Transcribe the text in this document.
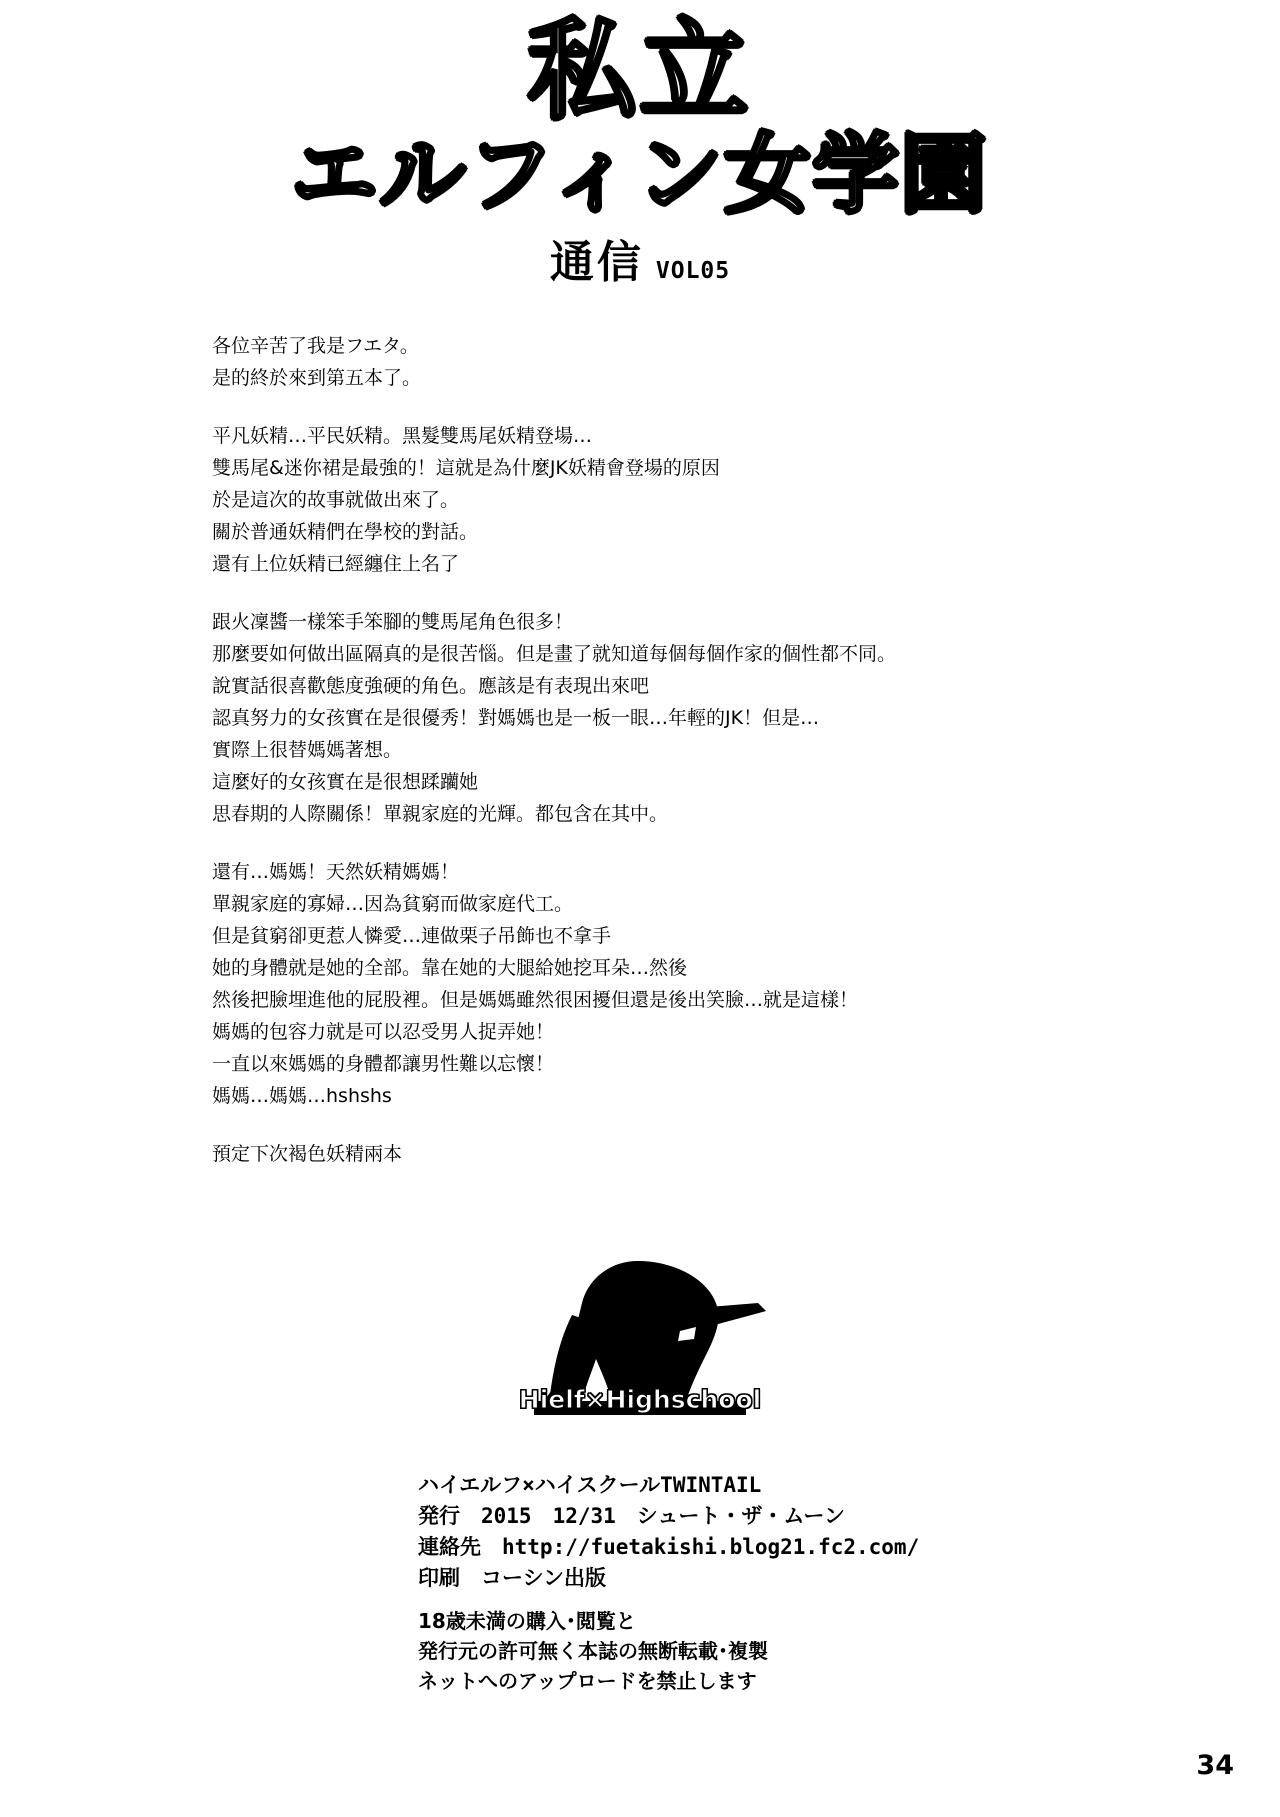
私立
エルフィン女学園
通信 VOL05
各位辛苦了我是フエタ。
是的終於來到第五本了。
平凡妖精…平民妖精。黑髮雙馬尾妖精登場…
雙馬尾&迷你裙是最強的！這就是為什麼JK妖精會登場的原因
於是這次的故事就做出來了。
關於普通妖精們在學校的對話。
還有上位妖精已經纏住上名了
跟火凜醬一樣笨手笨腳的雙馬尾角色很多！
那麼要如何做出區隔真的是很苦惱。但是畫了就知道每個每個作家的個性都不同。
說實話很喜歡態度強硬的角色。應該是有表現出來吧
認真努力的女孩實在是很優秀！對媽媽也是一板一眼…年輕的JK！但是…
實際上很替媽媽著想。
這麼好的女孩實在是很想蹂躪她
思春期的人際關係！單親家庭的光輝。都包含在其中。
還有…媽媽！天然妖精媽媽！
單親家庭的寡婦…因為貧窮而做家庭代工。
但是貧窮卻更惹人憐愛…連做栗子吊飾也不拿手
她的身體就是她的全部。靠在她的大腿給她挖耳朵…然後
然後把臉埋進他的屁股裡。但是媽媽雖然很困擾但還是後出笑臉…就是這樣！
媽媽的包容力就是可以忍受男人捉弄她！
一直以來媽媽的身體都讓男性難以忘懷！
媽媽…媽媽…hshshs
預定下次褐色妖精兩本
Hielf×Highschool
ハイエルフ×ハイスクールTWINTAIL
発行　2015　12/31　シュート・ザ・ムーン
連絡先　http://fuetakishi.blog21.fc2.com/
印刷　コーシン出版
18歳未満の購入･閲覧と
発行元の許可無く本誌の無断転載･複製
ネットへのアップロードを禁止します
34
